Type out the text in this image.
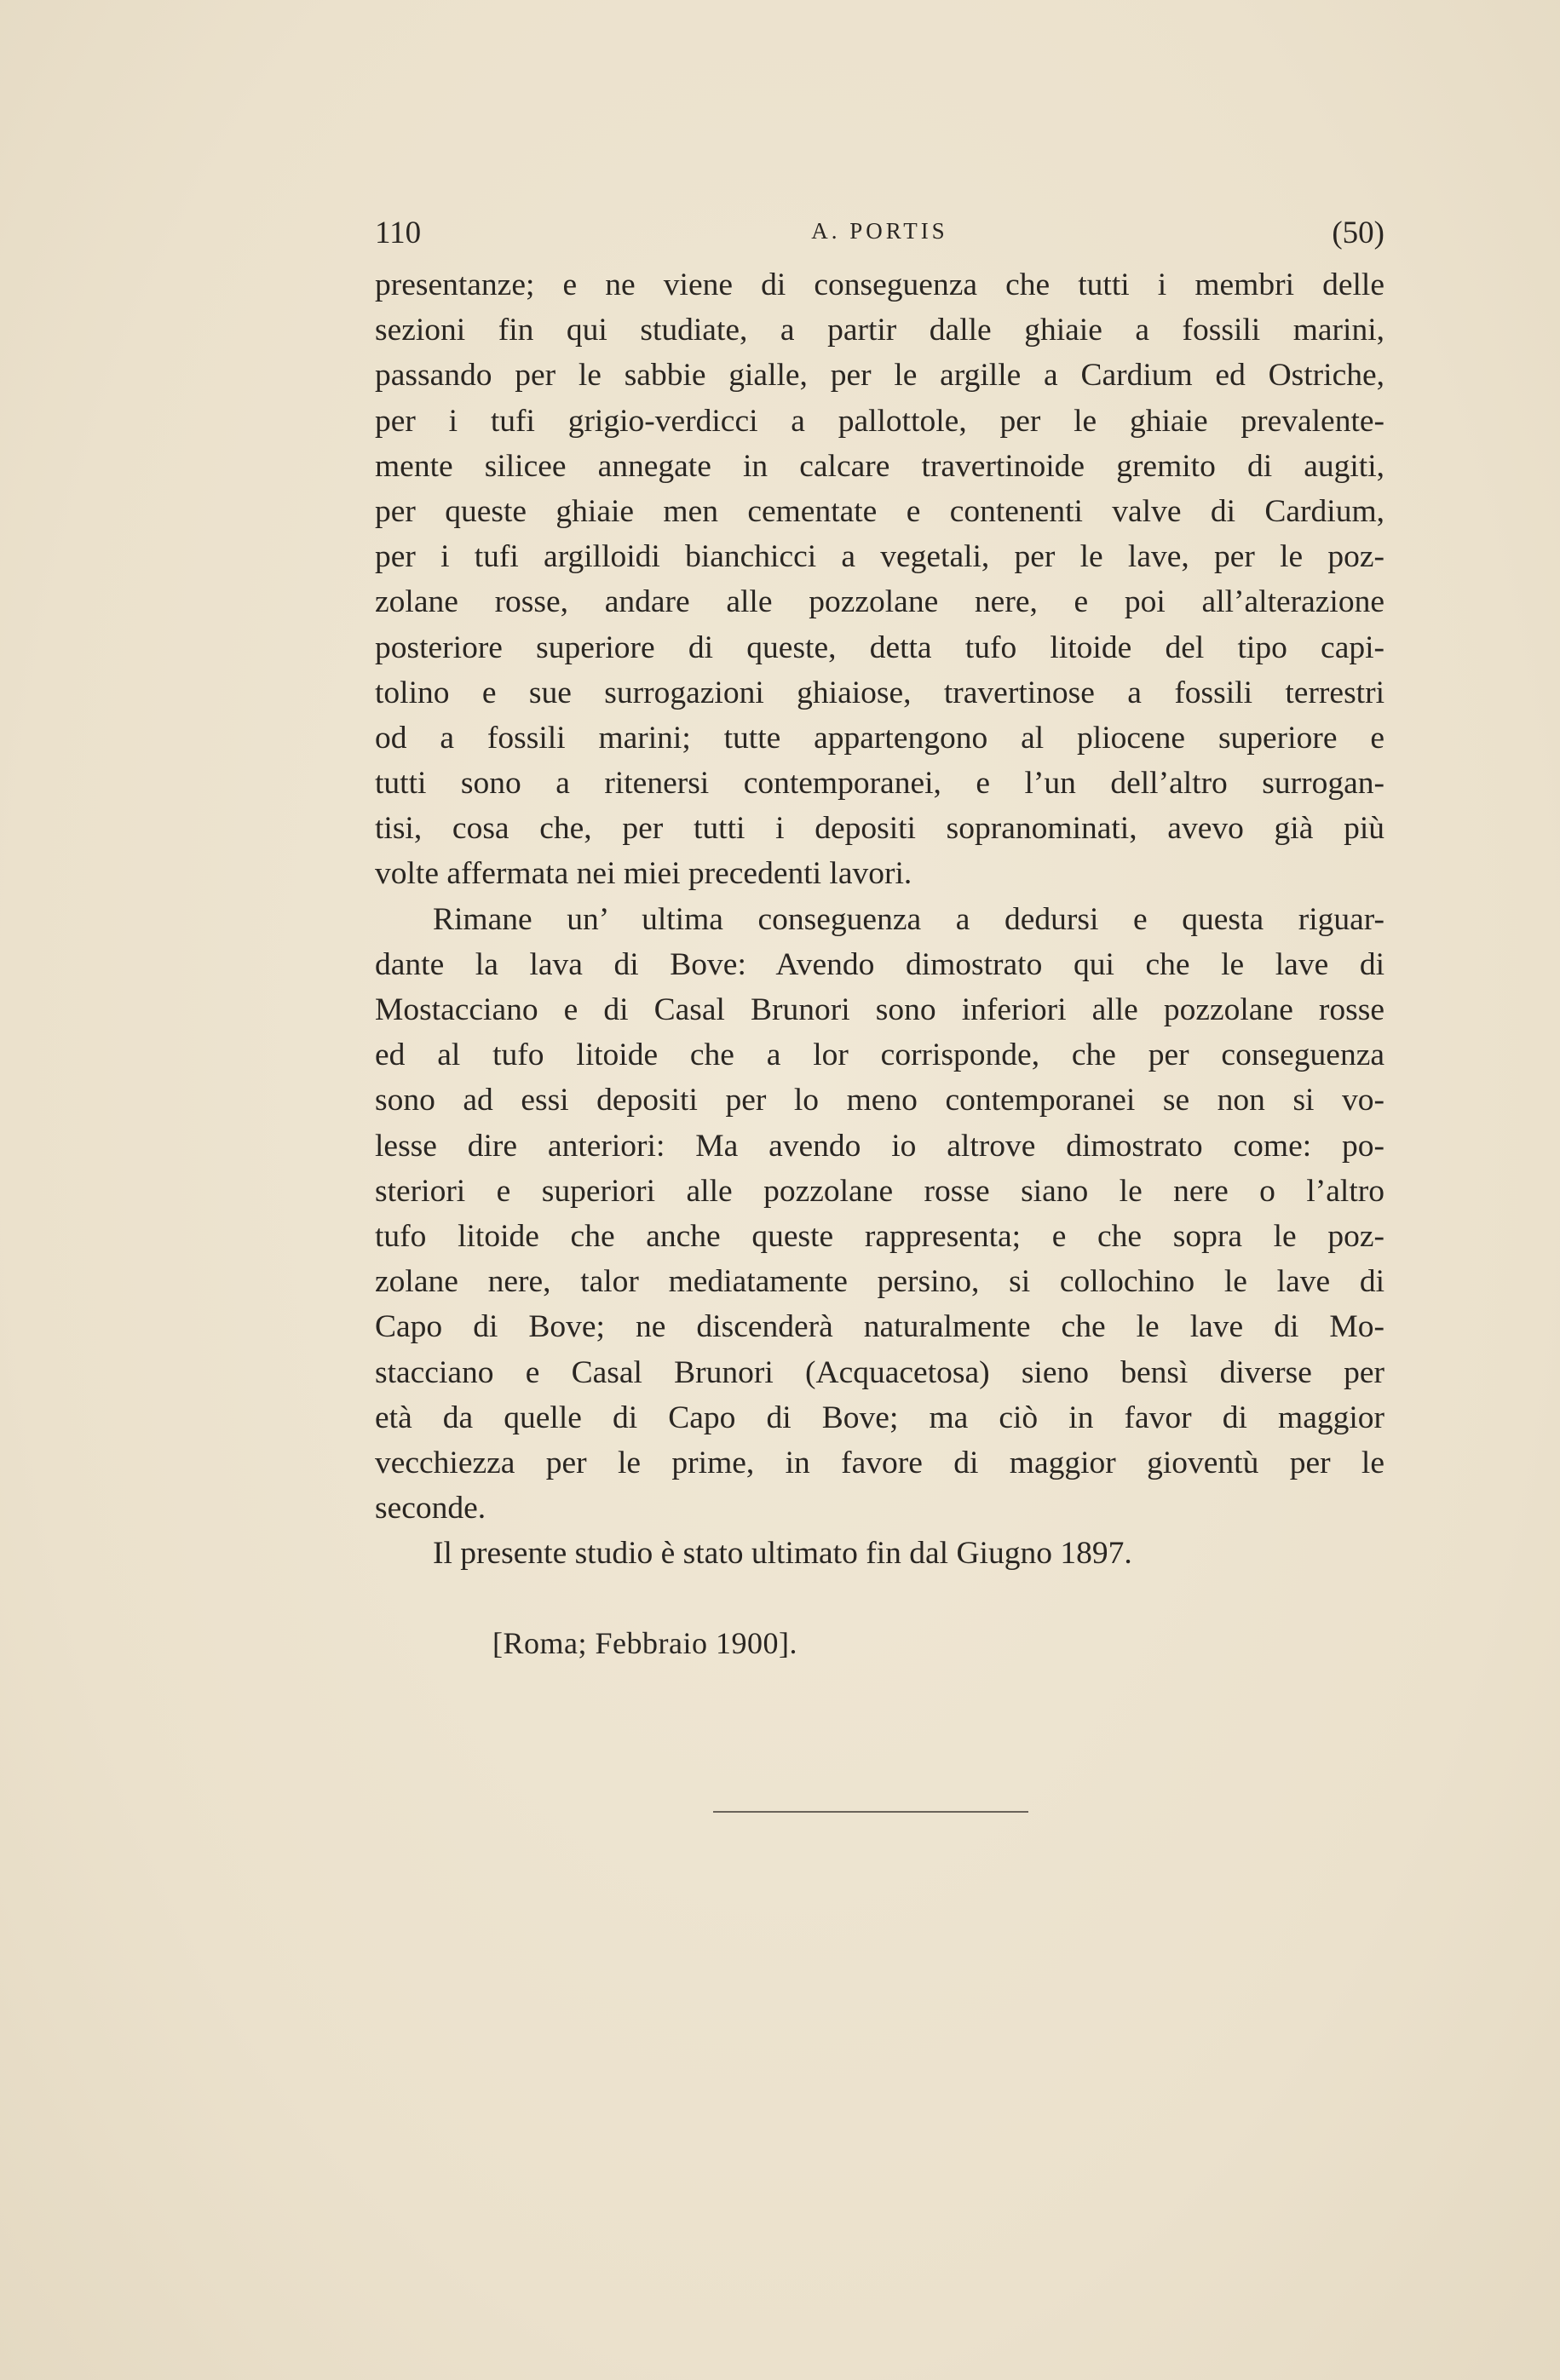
110	A. PORTIS	(50)
presentanze; e ne viene di conseguenza che tutti i membri delle
sezioni fin qui studiate, a partir dalle ghiaie a fossili marini,
passando per le sabbie gialle, per le argille a Cardium ed Ostriche,
per i tufi grigio-verdicci a pallottole, per le ghiaie prevalente-
mente silicee annegate in calcare travertinoide gremito di augiti,
per queste ghiaie men cementate e contenenti valve di Cardium,
per i tufi argilloidi bianchicci a vegetali, per le lave, per le poz-
zolane rosse, andare alle pozzolane nere, e poi all’alterazione
posteriore superiore di queste, detta tufo litoide del tipo capi-
tolino e sue surrogazioni ghiaiose, travertinose a fossili terrestri
od a fossili marini; tutte appartengono al pliocene superiore e
tutti sono a ritenersi contemporanei, e l’un dell’altro surrogan-
tisi, cosa che, per tutti i depositi sopranominati, avevo già più
volte affermata nei miei precedenti lavori.
Rimane un’ ultima conseguenza a dedursi e questa riguar-
dante la lava di Bove: Avendo dimostrato qui che le lave di
Mostacciano e di Casal Brunori sono inferiori alle pozzolane rosse
ed al tufo litoide che a lor corrisponde, che per conseguenza
sono ad essi depositi per lo meno contemporanei se non si vo-
lesse dire anteriori: Ma avendo io altrove dimostrato come: po-
steriori e superiori alle pozzolane rosse siano le nere o l’altro
tufo litoide che anche queste rappresenta; e che sopra le poz-
zolane nere, talor mediatamente persino, si collochino le lave di
Capo di Bove; ne discenderà naturalmente che le lave di Mo-
stacciano e Casal Brunori (Acquacetosa) sieno bensì diverse per
età da quelle di Capo di Bove; ma ciò in favor di maggior
vecchiezza per le prime, in favore di maggior gioventù per le
seconde.
Il presente studio è stato ultimato fin dal Giugno 1897.
[Roma; Febbraio 1900].
